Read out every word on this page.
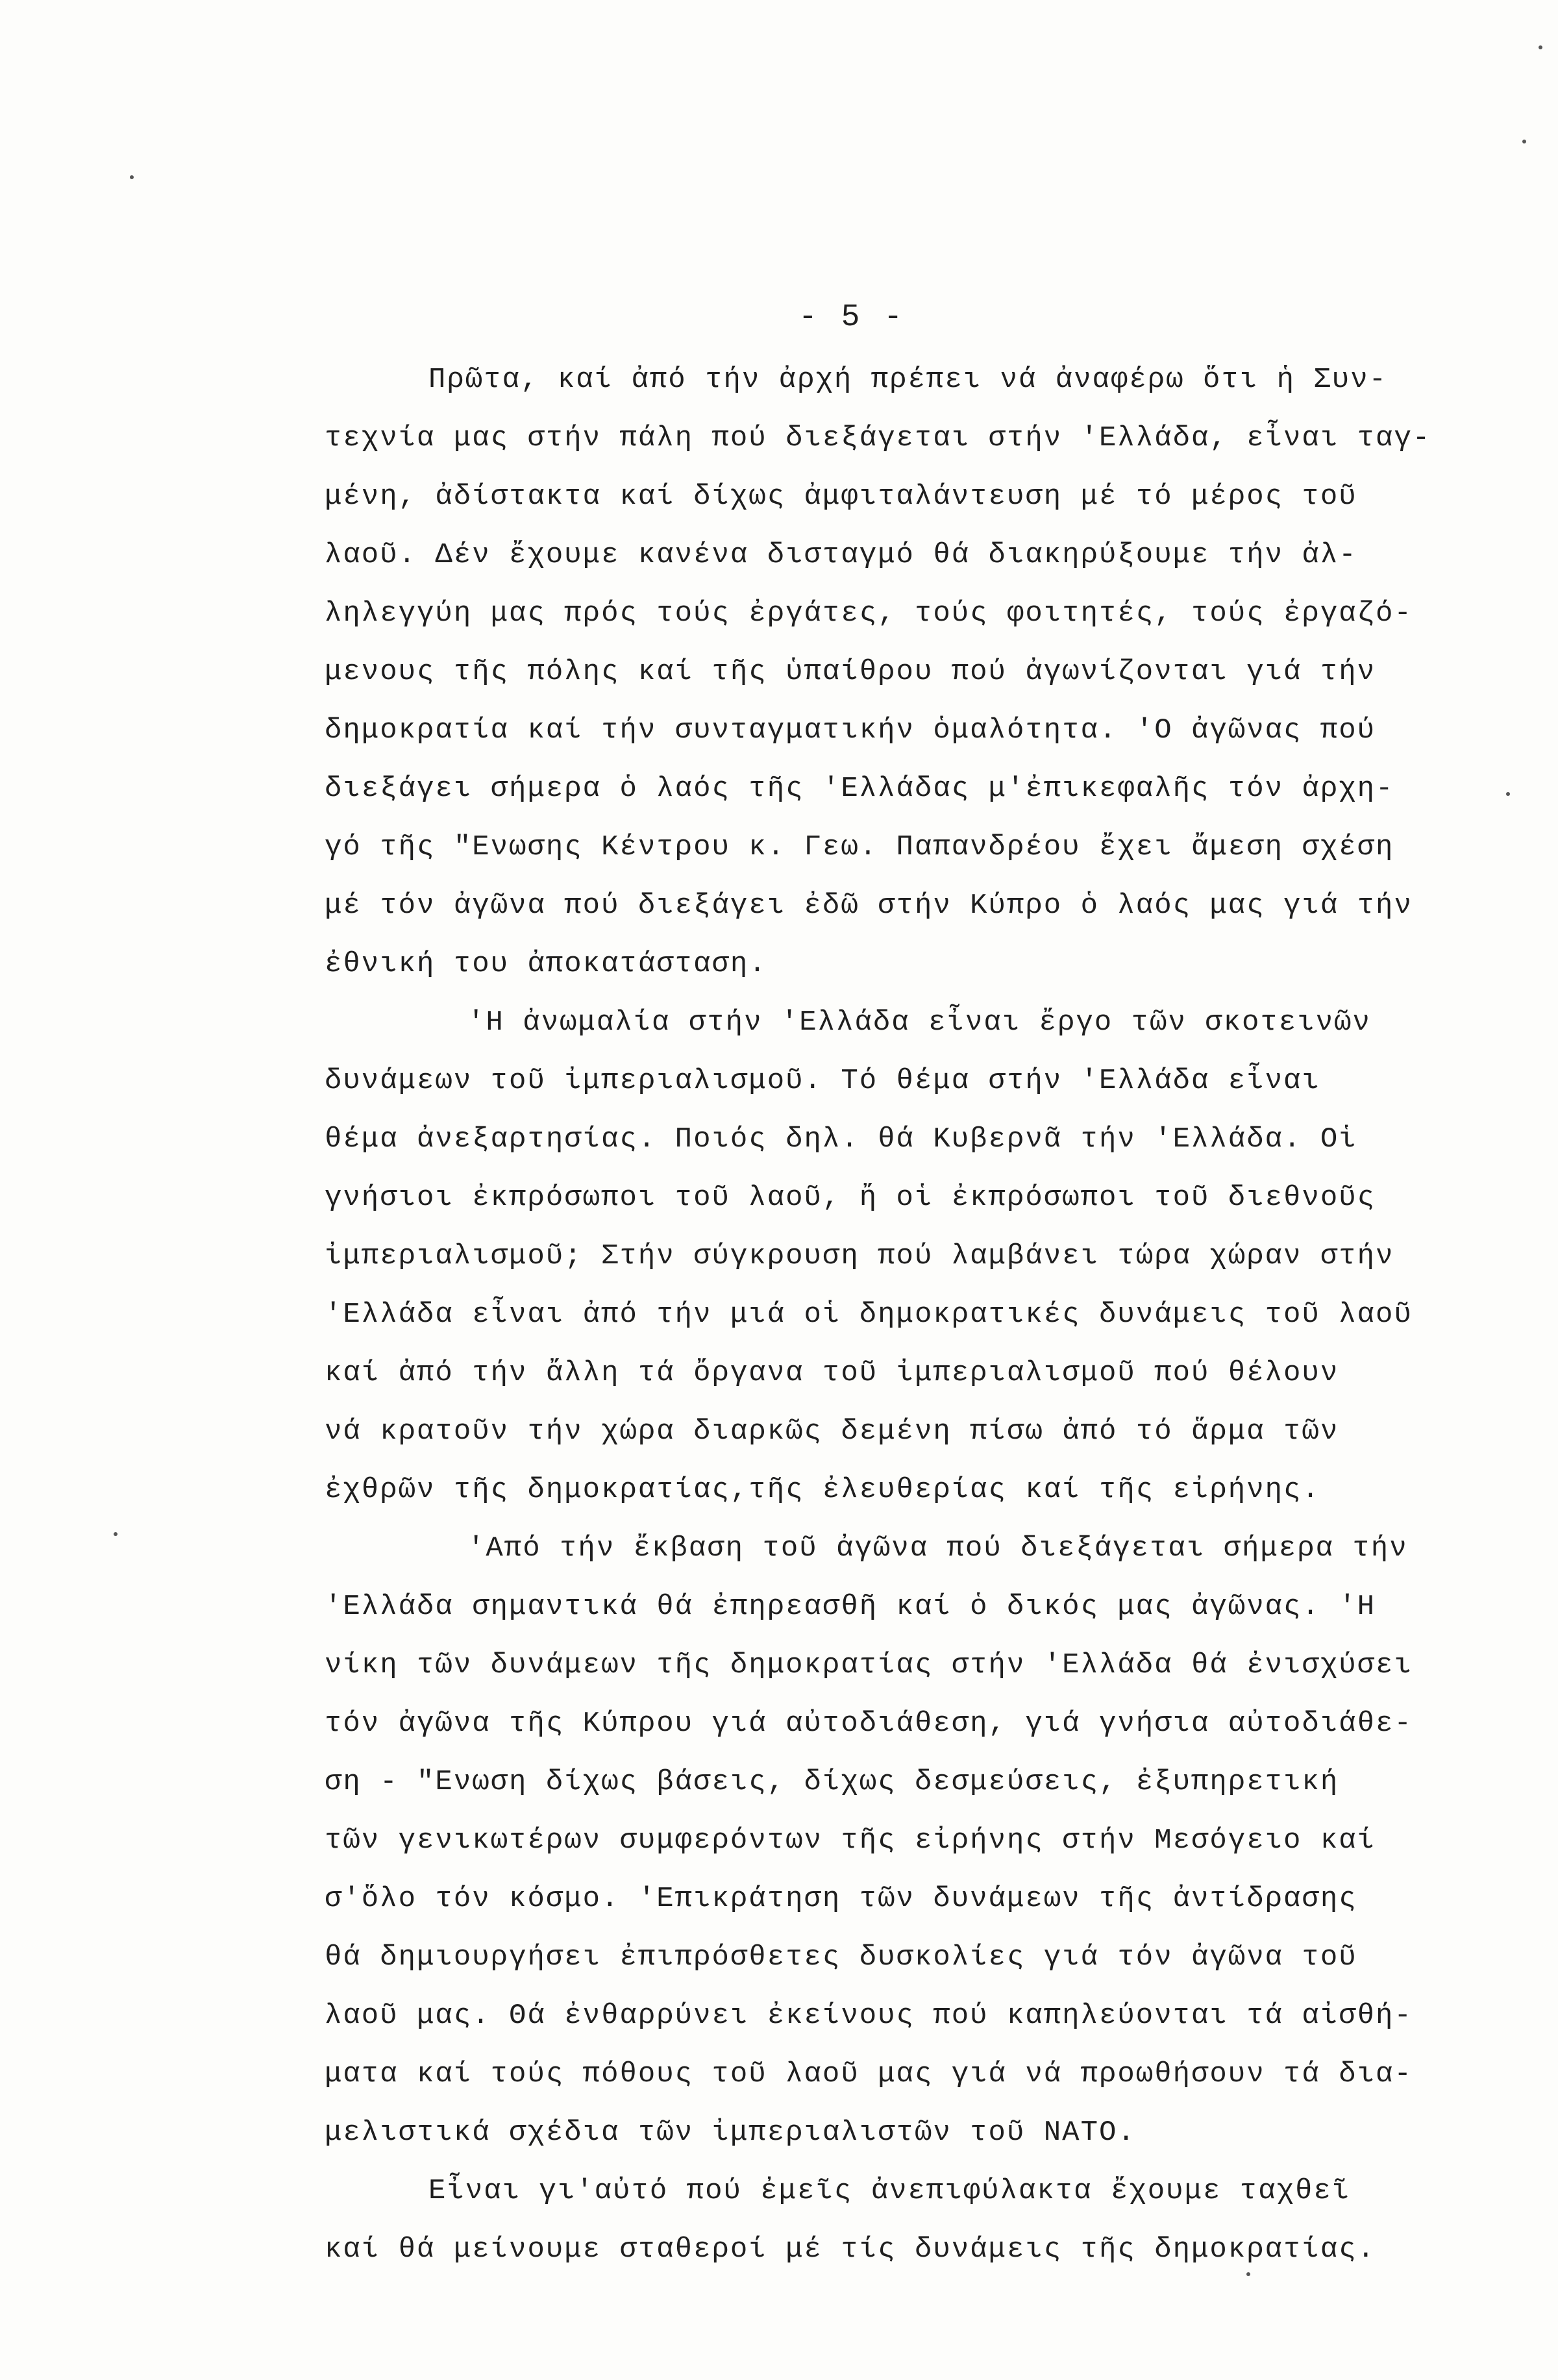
- 5 -
Πρῶτα, καί ἀπό τήν ἀρχή πρέπει νά ἀναφέρω ὅτι ἡ Συν-
τεχνία μας στήν πάλη πού διεξάγεται στήν 'Ελλάδα, εἶναι ταγ-
μένη, ἀδίστακτα καί δίχως ἀμφιταλάντευση μέ τό μέρος τοῦ
λαοῦ. Δέν ἔχουμε κανένα δισταγμό θά διακηρύξουμε τήν ἀλ-
ληλεγγύη μας πρός τούς ἐργάτες, τούς φοιτητές, τούς ἐργαζό-
μενους τῆς πόλης καί τῆς ὑπαίθρου πού ἀγωνίζονται γιά τήν
δημοκρατία καί τήν συνταγματικήν ὁμαλότητα. 'Ο ἀγῶνας πού
διεξάγει σήμερα ὁ λαός τῆς 'Ελλάδας μ'ἐπικεφαλῆς τόν ἀρχη-
γό τῆς "Ενωσης Κέντρου κ. Γεω. Παπανδρέου ἔχει ἄμεση σχέση
μέ τόν ἀγῶνα πού διεξάγει ἐδῶ στήν Κύπρο ὁ λαός μας γιά τήν
ἐθνική του ἀποκατάσταση.
'Η ἀνωμαλία στήν 'Ελλάδα εἶναι ἔργο τῶν σκοτεινῶν
δυνάμεων τοῦ ἰμπεριαλισμοῦ. Τό θέμα στήν 'Ελλάδα εἶναι
θέμα ἀνεξαρτησίας. Ποιός δηλ. θά Κυβερνᾶ τήν 'Ελλάδα. Οἱ
γνήσιοι ἐκπρόσωποι τοῦ λαοῦ, ἤ οἱ ἐκπρόσωποι τοῦ διεθνοῦς
ἰμπεριαλισμοῦ; Στήν σύγκρουση πού λαμβάνει τώρα χώραν στήν
'Ελλάδα εἶναι ἀπό τήν μιά οἱ δημοκρατικές δυνάμεις τοῦ λαοῦ
καί ἀπό τήν ἄλλη τά ὄργανα τοῦ ἰμπεριαλισμοῦ πού θέλουν
νά κρατοῦν τήν χώρα διαρκῶς δεμένη πίσω ἀπό τό ἅρμα τῶν
ἐχθρῶν τῆς δημοκρατίας,τῆς ἐλευθερίας καί τῆς εἰρήνης.
'Από τήν ἔκβαση τοῦ ἀγῶνα πού διεξάγεται σήμερα τήν
'Ελλάδα σημαντικά θά ἐπηρεασθῆ καί ὁ δικός μας ἀγῶνας. 'Η
νίκη τῶν δυνάμεων τῆς δημοκρατίας στήν 'Ελλάδα θά ἐνισχύσει
τόν ἀγῶνα τῆς Κύπρου γιά αὐτοδιάθεση, γιά γνήσια αὐτοδιάθε-
ση - "Ενωση δίχως βάσεις, δίχως δεσμεύσεις, ἐξυπηρετική
τῶν γενικωτέρων συμφερόντων τῆς εἰρήνης στήν Μεσόγειο καί
σ'ὅλο τόν κόσμο. 'Επικράτηση τῶν δυνάμεων τῆς ἀντίδρασης
θά δημιουργήσει ἐπιπρόσθετες δυσκολίες γιά τόν ἀγῶνα τοῦ
λαοῦ μας. Θά ἐνθαρρύνει ἐκείνους πού καπηλεύονται τά αἰσθή-
ματα καί τούς πόθους τοῦ λαοῦ μας γιά νά προωθήσουν τά δια-
μελιστικά σχέδια τῶν ἰμπεριαλιστῶν τοῦ ΝΑΤΟ.
Εἶναι γι'αὐτό πού ἐμεῖς ἀνεπιφύλακτα ἔχουμε ταχθεῖ
καί θά μείνουμε σταθεροί μέ τίς δυνάμεις τῆς δημοκρατίας.
